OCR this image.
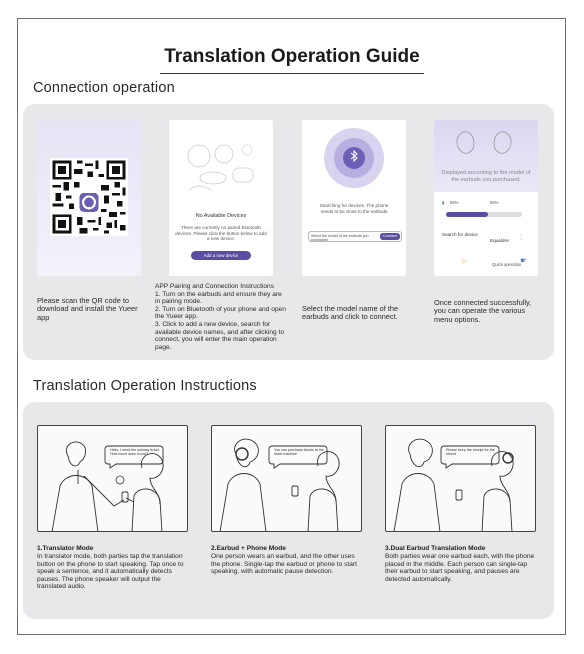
Translation Operation Guide
Connection operation
No Available Devices
There are currently no paired Bluetooth devices. Please click the button below to add a new device.
Add a new device
Searching for devices. The phone needs to be close to the earbuds
Select the model of the earbuds you purchased
Connect
Displayed according to the model of the earbuds you purchased.
▮ 84%	84%
Search for device
Equalizer ⫶
☼	Quick operation
☛
Please scan the QR code to download and install the Yueer app
APP Pairing and Connection Instructions
1. Turn on the earbuds and ensure they are in pairing mode.
2. Turn on Bluetooth of your phone and open the Yueer app.
3. Click to add a new device, search for available device names, and after clicking to connect, you will enter the main operation page.
Select the model name of the earbuds and click to connect.
Once connected successfully, you can operate the various menu options.
Translation Operation Instructions
Hello, I need the subway ticket. How much does it cost?
You can purchase tickets at the ticket machine
Please keep the receipt for the refund
1.Translator Mode
In translator mode, both parties tap the translation button on the phone to start speaking. Tap once to speak a sentence, and it automatically detects pauses. The phone speaker will output the translated audio.
2.Earbud + Phone Mode
One person wears an earbud, and the other uses the phone. Single-tap the earbud or phone to start speaking, with automatic pause detection.
3.Dual Earbud Translation Mode
Both parties wear one earbud each, with the phone placed in the middle. Each person can single-tap their earbud to start speaking, and pauses are detected automatically.
